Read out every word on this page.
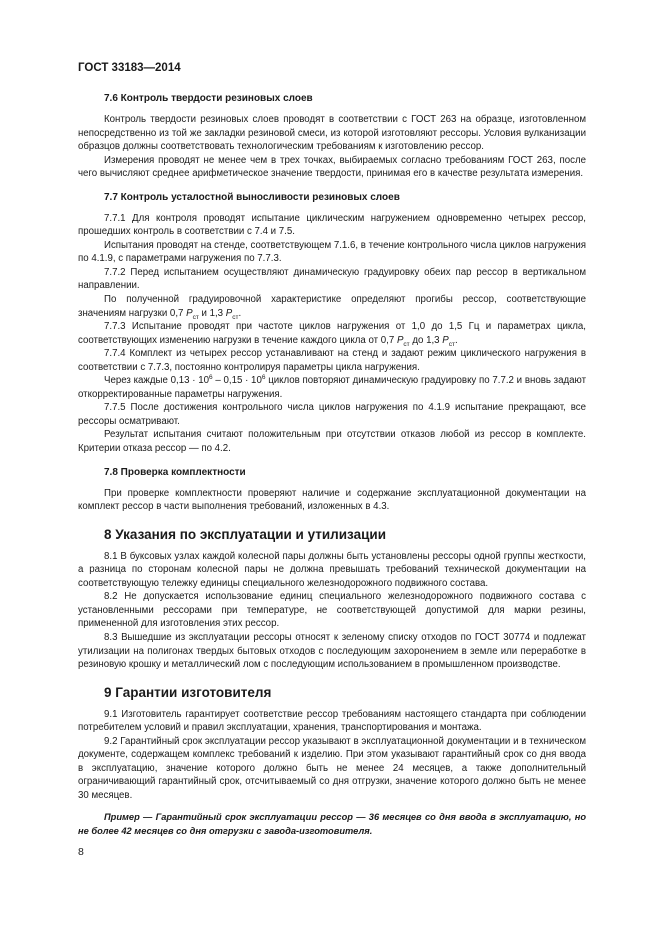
ГОСТ 33183—2014
7.6 Контроль твердости резиновых слоев

Контроль твердости резиновых слоев проводят в соответствии с ГОСТ 263 на образце, изготовленном непосредственно из той же закладки резиновой смеси, из которой изготовляют рессоры. Условия вулканизации образцов должны соответствовать технологическим требованиям к изготовлению рессор.

Измерения проводят не менее чем в трех точках, выбираемых согласно требованиям ГОСТ 263, после чего вычисляют среднее арифметическое значение твердости, принимая его в качестве результата измерения.

7.7 Контроль усталостной выносливости резиновых слоев

7.7.1 Для контроля проводят испытание циклическим нагружением одновременно четырех рессор, прошедших контроль в соответствии с 7.4 и 7.5.

Испытания проводят на стенде, соответствующем 7.1.6, в течение контрольного числа циклов нагружения по 4.1.9, с параметрами нагружения по 7.7.3.

7.7.2 Перед испытанием осуществляют динамическую градуировку обеих пар рессор в вертикальном направлении.

По полученной градуировочной характеристике определяют прогибы рессор, соответствующие значениям нагрузки 0,7 $P_{ст}$ и 1,3 $P_{ст}$.

7.7.3 Испытание проводят при частоте циклов нагружения от 1,0 до 1,5 Гц и параметрах цикла, соответствующих изменению нагрузки в течение каждого цикла от 0,7 $P_{ст}$ до 1,3 $P_{ст}$.

7.7.4 Комплект из четырех рессор устанавливают на стенд и задают режим циклического нагружения в соответствии с 7.7.3, постоянно контролируя параметры цикла нагружения.

Через каждые $0,13 \cdot 10^6 - 0,15 \cdot 10^6$ циклов повторяют динамическую градуировку по 7.7.2 и вновь задают откорректированные параметры нагружения.

7.7.5 После достижения контрольного числа циклов нагружения по 4.1.9 испытание прекращают, все рессоры осматривают.

Результат испытания считают положительным при отсутствии отказов любой из рессор в комплекте. Критерии отказа рессор — по 4.2.

7.8 Проверка комплектности

При проверке комплектности проверяют наличие и содержание эксплуатационной документации на комплект рессор в части выполнения требований, изложенных в 4.3.

8 Указания по эксплуатации и утилизации

8.1 В буксовых узлах каждой колесной пары должны быть установлены рессоры одной группы жесткости, а разница по сторонам колесной пары не должна превышать требований технической документации на соответствующую тележку единицы специального железнодорожного подвижного состава.

8.2 Не допускается использование единиц специального железнодорожного подвижного состава с установленными рессорами при температуре, не соответствующей допустимой для марки резины, примененной для изготовления этих рессор.

8.3 Вышедшие из эксплуатации рессоры относят к зеленому списку отходов по ГОСТ 30774 и подлежат утилизации на полигонах твердых бытовых отходов с последующим захоронением в земле или переработке в резиновую крошку и металлический лом с последующим использованием в промышленном производстве.

9 Гарантии изготовителя

9.1 Изготовитель гарантирует соответствие рессор требованиям настоящего стандарта при соблюдении потребителем условий и правил эксплуатации, хранения, транспортирования и монтажа.

9.2 Гарантийный срок эксплуатации рессор указывают в эксплуатационной документации и в техническом документе, содержащем комплекс требований к изделию. При этом указывают гарантийный срок со дня ввода в эксплуатацию, значение которого должно быть не менее 24 месяцев, а также дополнительный ограничивающий гарантийный срок, отсчитываемый со дня отгрузки, значение которого должно быть не менее 30 месяцев.

Пример — Гарантийный срок эксплуатации рессор — 36 месяцев со дня ввода в эксплуатацию, но не более 42 месяцев со дня отгрузки с завода-изготовителя.
8
